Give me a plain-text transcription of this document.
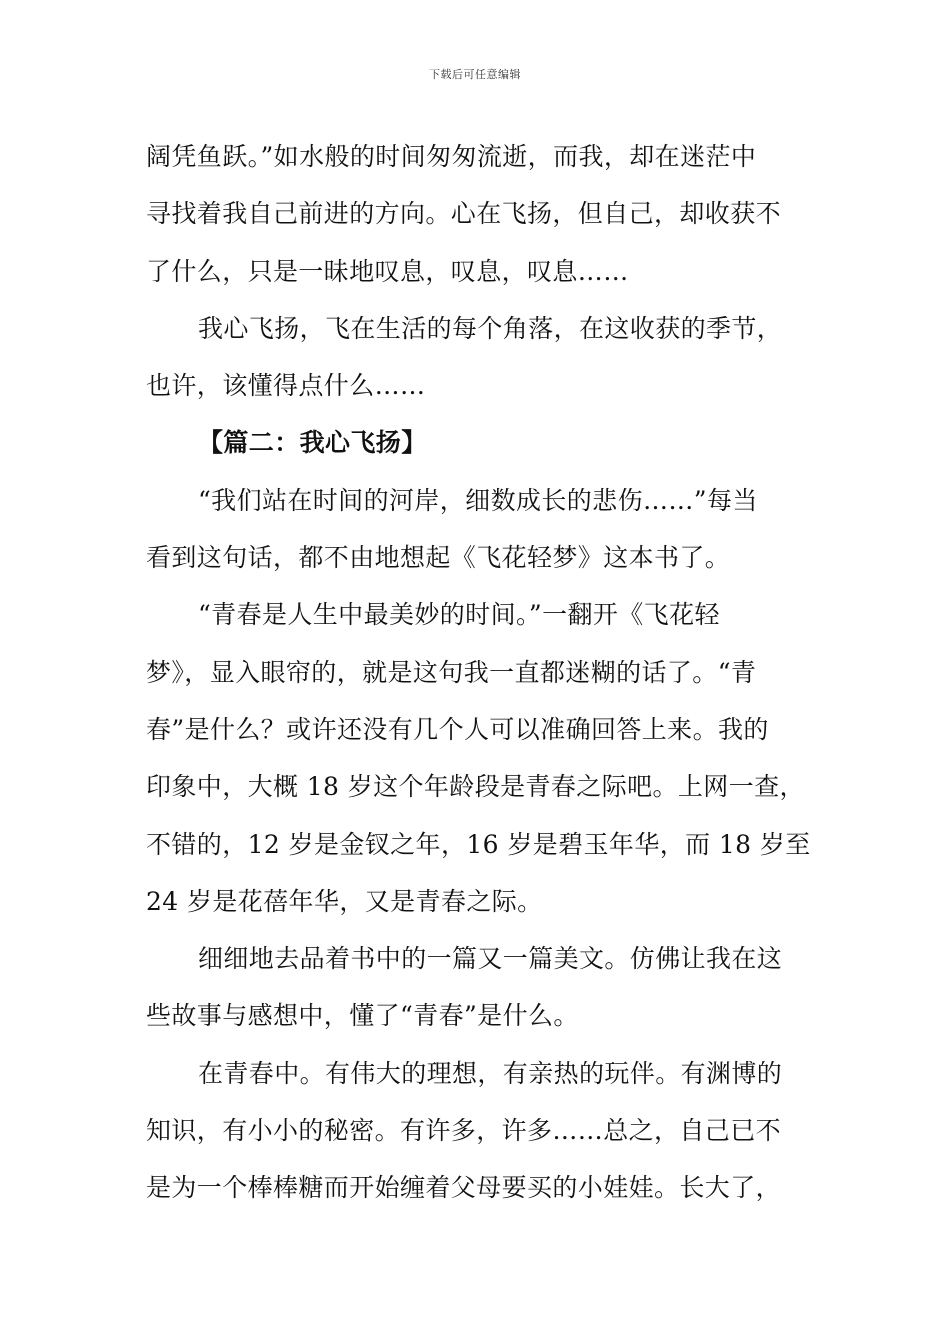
下载后可任意编辑
阔凭鱼跃。”如水般的时间匆匆流逝，而我，却在迷茫中
寻找着我自己前进的方向。心在飞扬，但自己，却收获不
了什么，只是一昧地叹息，叹息，叹息……
我心飞扬，飞在生活的每个角落，在这收获的季节，
也许，该懂得点什么……
【篇二：我心飞扬】
“我们站在时间的河岸，细数成长的悲伤……”每当
看到这句话，都不由地想起《飞花轻梦》这本书了。
“青春是人生中最美妙的时间。”一翻开《飞花轻
梦》，显入眼帘的，就是这句我一直都迷糊的话了。“青
春”是什么？或许还没有几个人可以准确回答上来。我的
印象中，大概 18 岁这个年龄段是青春之际吧。上网一查，
不错的，12 岁是金钗之年，16 岁是碧玉年华，而 18 岁至
24 岁是花蓓年华，又是青春之际。
细细地去品着书中的一篇又一篇美文。仿佛让我在这
些故事与感想中，懂了“青春”是什么。
在青春中。有伟大的理想，有亲热的玩伴。有渊博的
知识，有小小的秘密。有许多，许多……总之，自己已不
是为一个棒棒糖而开始缠着父母要买的小娃娃。长大了，
